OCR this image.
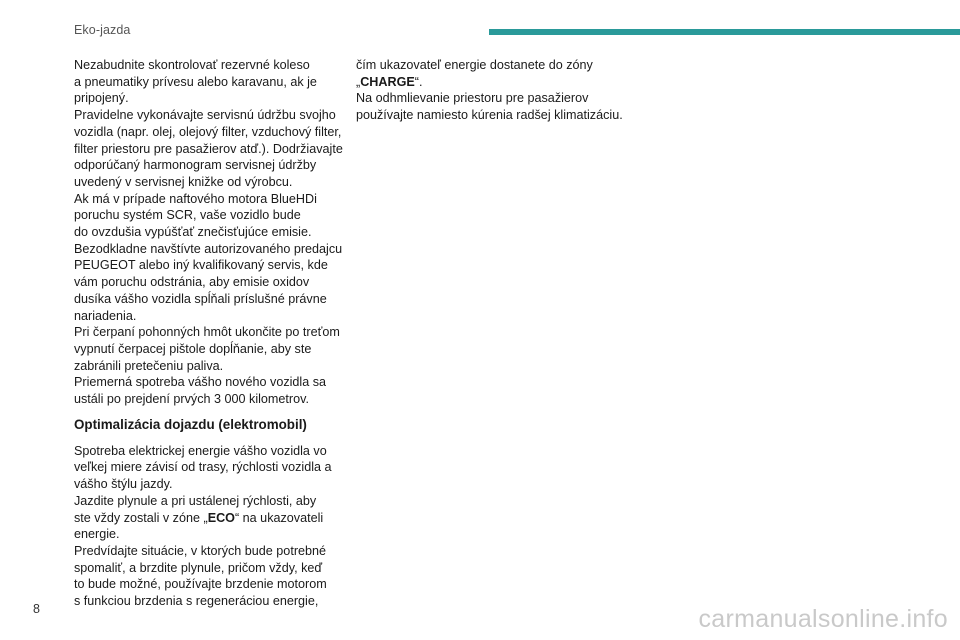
Eko-jazda

Nezabudnite skontrolovať rezervné koleso
a pneumatiky prívesu alebo karavanu, ak je
pripojený.

Pravidelne vykonávajte servisnú údržbu svojho
vozidla (napr. olej, olejový filter, vzduchový filter,
filter priestoru pre pasažierov atď.). Dodržiavajte
odporúčaný harmonogram servisnej údržby
uvedený v servisnej knižke od výrobcu.

Ak má v prípade naftového motora BlueHDi
poruchu systém SCR, vaše vozidlo bude
do ovzdušia vypúšťať znečisťujúce emisie.
Bezodkladne navštívte autorizovaného predajcu
PEUGEOT alebo iný kvalifikovaný servis, kde
vám poruchu odstránia, aby emisie oxidov
dusíka vášho vozidla spĺňali príslušné právne
nariadenia.

Pri čerpaní pohonných hmôt ukončite po treťom
vypnutí čerpacej pištole dopĺňanie, aby ste
zabránili pretečeniu paliva.

Priemerná spotreba vášho nového vozidla sa
ustáli po prejdení prvých 3 000 kilometrov.

Optimalizácia dojazdu (elektromobil)

Spotreba elektrickej energie vášho vozidla vo
veľkej miere závisí od trasy, rýchlosti vozidla a
vášho štýlu jazdy.

Jazdite plynule a pri ustálenej rýchlosti, aby
ste vždy zostali v zóne „ECO“ na ukazovateli
energie.

Predvídajte situácie, v ktorých bude potrebné
spomaliť, a brzdite plynule, pričom vždy, keď
to bude možné, používajte brzdenie motorom
s funkciou brzdenia s regeneráciou energie,

čím ukazovateľ energie dostanete do zóny
„CHARGE“.

Na odhmlievanie priestoru pre pasažierov
používajte namiesto kúrenia radšej klimatizáciu.

8	carmanualsonline.info
